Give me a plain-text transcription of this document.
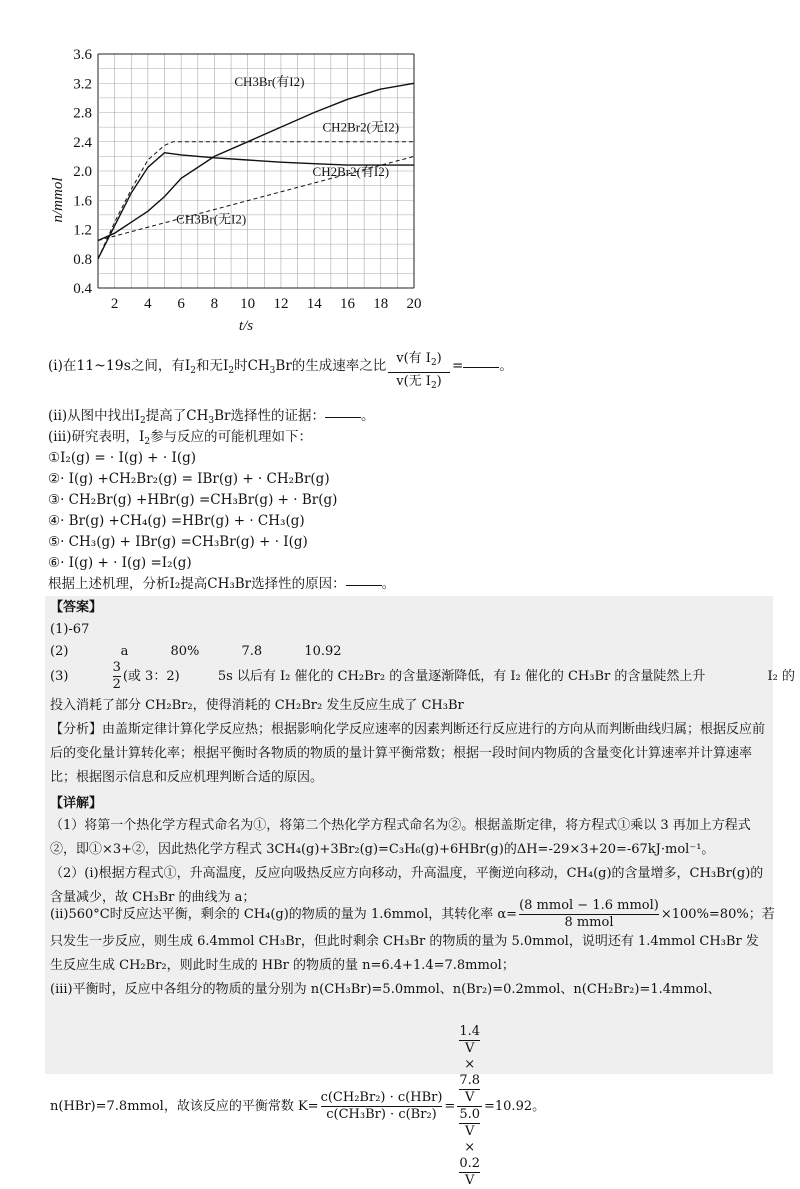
0.4
0.8
1.2
1.6
2.0
2.4
2.8
3.2
3.6
2 4 6 8 10 12 14 16 18 20
CH3Br(有I2)
CH2Br2(无I2)
CH2Br2(有I2)
CH3Br(无I2)
n/mmol
t/s
(i)在11~19s之间，有$I_2$和无$I_2$时$CH_3Br$的生成速率之比 v(有 $I_2$)
v(无 $I_2$)
=	。
(ii)从图中找出$I_2$提高了$CH_3Br$选择性的证据：	。
(iii)研究表明，$I_2$参与反应的可能机理如下：
①I₂(g) = · I(g) + · I(g)
②· I(g) +CH₂Br₂(g) = IBr(g) + · CH₂Br(g)
③· CH₂Br(g) +HBr(g) =CH₃Br(g) + · Br(g)
④· Br(g) +CH₄(g) =HBr(g) + · CH₃(g)
⑤· CH₃(g) + IBr(g) =CH₃Br(g) + · I(g)
⑥· I(g) + · I(g) =I₂(g)
根据上述机理，分析I₂提高CH₃Br选择性的原因：	。
【答案】
(1)-67
(2)	a	80%	7.8	10.92
(3)	$\frac{3}{2}$ (或 3：2)	5s 以后有 I₂ 催化的 CH₂Br₂ 的含量逐渐降低，有 I₂ 催化的 CH₃Br 的含量陡然上升	I₂ 的
投入消耗了部分 CH₂Br₂，使得消耗的 CH₂Br₂ 发生反应生成了 CH₃Br
【分析】由盖斯定律计算化学反应热；根据影响化学反应速率的因素判断还行反应进行的方向从而判断曲线归属；根据反应前后的变化量计算转化率；根据平衡时各物质的物质的量计算平衡常数；根据一段时间内物质的含量变化计算速率并计算速率比；根据图示信息和反应机理判断合适的原因。
【详解】
（1）将第一个热化学方程式命名为①，将第二个热化学方程式命名为②。根据盖斯定律，将方程式①乘以 3 再加上方程式②，即①×3+②，因此热化学方程式 3CH₄(g)+3Br₂(g)=C₃H₆(g)+6HBr(g)的ΔH=-29×3+20=-67kJ·mol⁻¹。
（2）(i)根据方程式①，升高温度，反应向吸热反应方向移动，升高温度，平衡逆向移动，CH₄(g)的含量增多，CH₃Br(g)的含量减少，故 CH₃Br 的曲线为 a；
(ii)560°C时反应达平衡，剩余的 CH₄(g)的物质的量为 1.6mmol，其转化率 $\alpha= \frac{\text{(8 mmol − 1.6 mmol)}}{\text{8 mmol}} \times 100\%=80\%$；若
只发生一步反应，则生成 6.4mmol CH₃Br，但此时剩余 CH₃Br 的物质的量为 5.0mmol，说明还有 1.4mmol CH₃Br 发生反应生成 CH₂Br₂，则此时生成的 HBr 的物质的量 n=6.4+1.4=7.8mmol；
(iii)平衡时，反应中各组分的物质的量分别为 n(CH₃Br)=5.0mmol、n(Br₂)=0.2mmol、n(CH₂Br₂)=1.4mmol、
n(HBr)=7.8mmol，故该反应的平衡常数 $K= \frac{\text{c(CH₂Br₂) · c(HBr)}}{\text{c(CH₃Br) · c(Br₂)}} = 1.4$
V
×
7.8
V
5.0
V
×
0.2
V =10.92。
